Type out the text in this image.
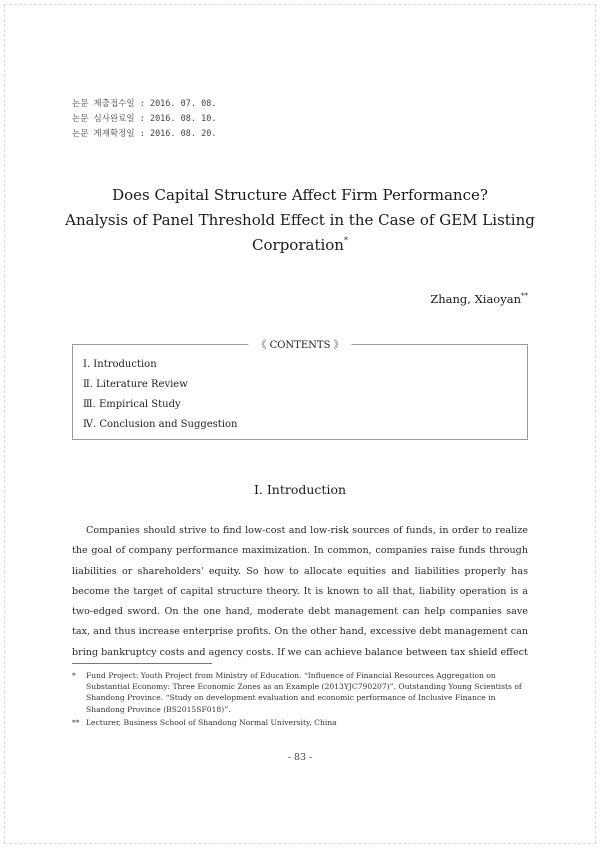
논문 제출접수일 : 2016. 07. 08.
논문 심사완료일 : 2016. 08. 10.
논문 게재확정일 : 2016. 08. 20.
Does Capital Structure Affect Firm Performance?
Analysis of Panel Threshold Effect in the Case of GEM Listing
Corporation*
Zhang, Xiaoyan**
《 CONTENTS 》
Ⅰ. Introduction
Ⅱ. Literature Review
Ⅲ. Empirical Study
Ⅳ. Conclusion and Suggestion
Ⅰ. Introduction

Companies should strive to find low-cost and low-risk sources of funds, in order to realize the goal of company performance maximization. In common, companies raise funds through liabilities or shareholders' equity. So how to allocate equities and liabilities properly has become the target of capital structure theory. It is known to all that, liability operation is a two-edged sword. On the one hand, moderate debt management can help companies save tax, and thus increase enterprise profits. On the other hand, excessive debt management can bring bankruptcy costs and agency costs. If we can achieve balance between tax shield effect

* Fund Project: Youth Project from Ministry of Education. “Influence of Financial Resources Aggregation on Substantial Economy: Three Economic Zones as an Example (2013YJC790207)”. Outstanding Young Scientists of Shandong Province. “Study on development evaluation and economic performance of Inclusive Finance in Shandong Province (BS2015SF018)”.
** Lecturer, Business School of Shandong Normal University, China
- 83 -
